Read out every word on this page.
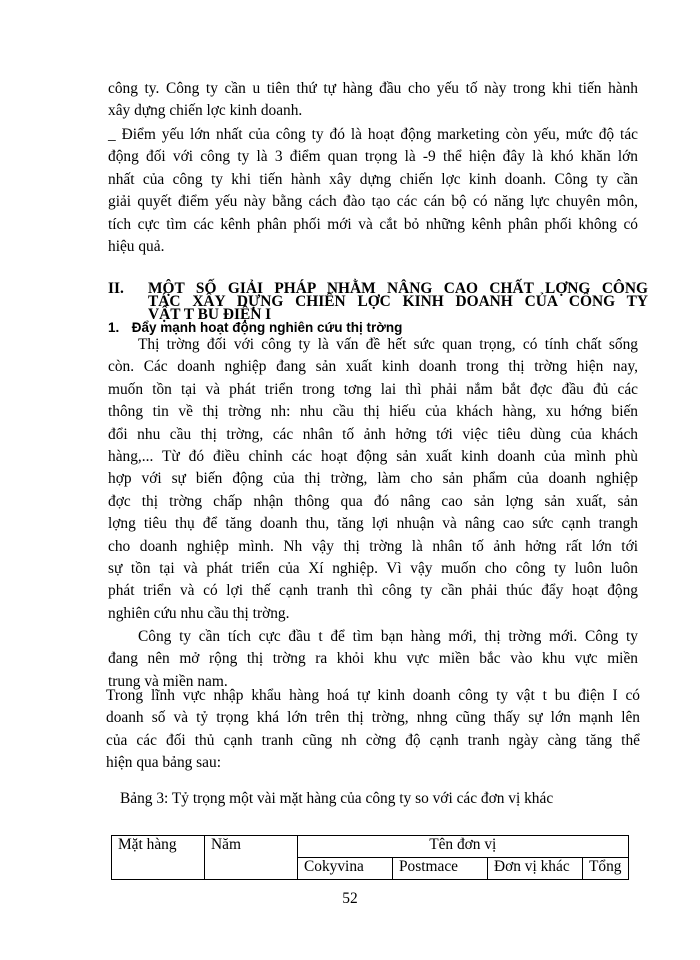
công ty. Công ty cần u tiên thứ tự hàng đầu cho yếu tố này trong khi tiến hành
xây dựng chiến lợc kinh doanh.
_ Điểm yếu lớn nhất của công ty đó là hoạt động marketing còn yếu, mức độ tác
động đối với công ty là 3 điểm quan trọng là -9 thể hiện đây là khó khăn lớn
nhất của công ty khi tiến hành xây dựng chiến lợc kinh doanh. Công ty cần
giải quyết điểm yếu này bằng cách đào tạo các cán bộ có năng lực chuyên môn,
tích cực tìm các kênh phân phối mới và cắt bỏ những kênh phân phối không có
hiệu quả.
II. MỘT SỐ GIẢI PHÁP NHẰM NÂNG CAO CHẤT LỢNG CÔNG
TÁC XÂY DỰNG CHIẾN LỢC KINH DOANH CỦA CÔNG TY
VẬT T BU ĐIỆN I
1. Đẩy mạnh hoạt động nghiên cứu thị trờng
Thị trờng đối với công ty là vấn đề hết sức quan trọng, có tính chất sống
còn. Các doanh nghiệp đang sản xuất kinh doanh trong thị trờng hiện nay,
muốn tồn tại và phát triển trong tơng lai thì phải nắm bắt đợc đầu đủ các
thông tin về thị trờng nh: nhu cầu thị hiếu của khách hàng, xu hớng biến
đổi nhu cầu thị trờng, các nhân tố ảnh hởng tới việc tiêu dùng của khách
hàng,... Từ đó điều chỉnh các hoạt động sản xuất kinh doanh của mình phù
hợp với sự biến động của thị trờng, làm cho sản phẩm của doanh nghiệp
đợc thị trờng chấp nhận thông qua đó nâng cao sản lợng sản xuất, sản
lợng tiêu thụ để tăng doanh thu, tăng lợi nhuận và nâng cao sức cạnh trangh
cho doanh nghiệp mình. Nh vậy thị trờng là nhân tố ảnh hởng rất lớn tới
sự tồn tại và phát triển của Xí nghiệp. Vì vậy muốn cho công ty luôn luôn
phát triển và có lợi thế cạnh tranh thì công ty cần phải thúc đẩy hoạt động
nghiên cứu nhu cầu thị trờng.
Công ty cần tích cực đầu t để tìm bạn hàng mới, thị trờng mới. Công ty
đang nên mở rộng thị trờng ra khỏi khu vực miền bắc vào khu vực miền
trung và miền nam.
Trong lĩnh vực nhập khẩu hàng hoá tự kinh doanh công ty vật t bu điện I có
doanh số và tỷ trọng khá lớn trên thị trờng, nhng cũng thấy sự lớn mạnh lên
của các đối thủ cạnh tranh cũng nh cờng độ cạnh tranh ngày càng tăng thể
hiện qua bảng sau:
Bảng 3: Tỷ trọng một vài mặt hàng của công ty so với các đơn vị khác
Mặt hàng	Năm	Tên đơn vị			
		Cokyvina	Postmace	Đơn vị khác	Tổng
52
